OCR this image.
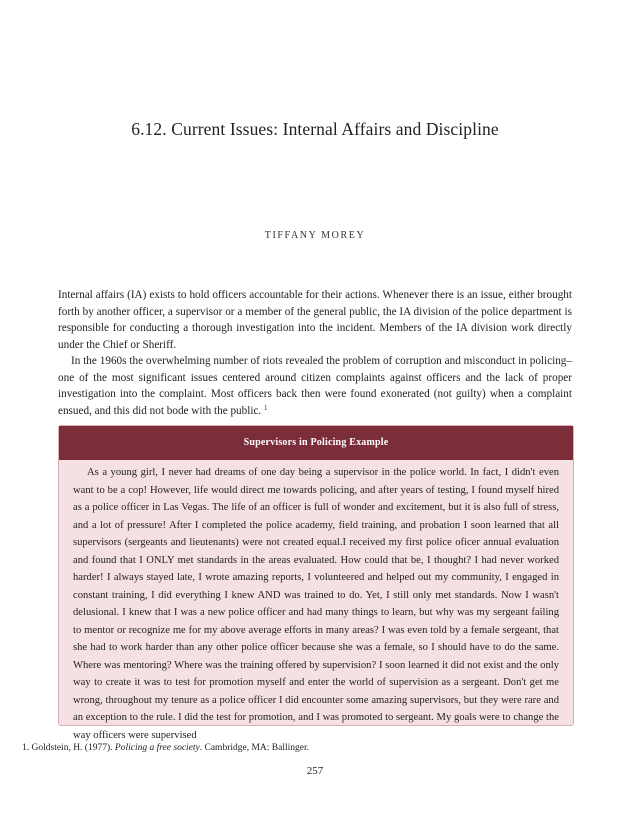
6.12. Current Issues: Internal Affairs and Discipline
TIFFANY MOREY

Internal affairs (IA) exists to hold officers accountable for their actions. Whenever there is an issue, either brought forth by another officer, a supervisor or a member of the general public, the IA division of the police department is responsible for conducting a thorough investigation into the incident. Members of the IA division work directly under the Chief or Sheriff.

In the 1960s the overwhelming number of riots revealed the problem of corruption and misconduct in policing– one of the most significant issues centered around citizen complaints against officers and the lack of proper investigation into the complaint. Most officers back then were found exonerated (not guilty) when a complaint ensued, and this did not bode with the public. $^1$

Supervisors in Policing Example
As a young girl, I never had dreams of one day being a supervisor in the police world. In fact, I didn't even want to be a cop! However, life would direct me towards policing, and after years of testing, I found myself hired as a police officer in Las Vegas. The life of an officer is full of wonder and excitement, but it is also full of stress, and a lot of pressure! After I completed the police academy, field training, and probation I soon learned that all supervisors (sergeants and lieutenants) were not created equal.I received my first police oficer annual evaluation and found that I ONLY met standards in the areas evaluated. How could that be, I thought? I had never worked harder! I always stayed late, I wrote amazing reports, I volunteered and helped out my community, I engaged in constant training, I did everything I knew AND was trained to do. Yet, I still only met standards. Now I wasn't delusional. I knew that I was a new police officer and had many things to learn, but why was my sergeant failing to mentor or recognize me for my above average efforts in many areas? I was even told by a female sergeant, that she had to work harder than any other police officer because she was a female, so I should have to do the same. Where was mentoring? Where was the training offered by supervision? I soon learned it did not exist and the only way to create it was to test for promotion myself and enter the world of supervision as a sergeant. Don't get me wrong, throughout my tenure as a police officer I did encounter some amazing supervisors, but they were rare and an exception to the rule. I did the test for promotion, and I was promoted to sergeant. My goals were to change the way officers were supervised
1. Goldstein, H. (1977). Policing a free society. Cambridge, MA: Ballinger.
257
